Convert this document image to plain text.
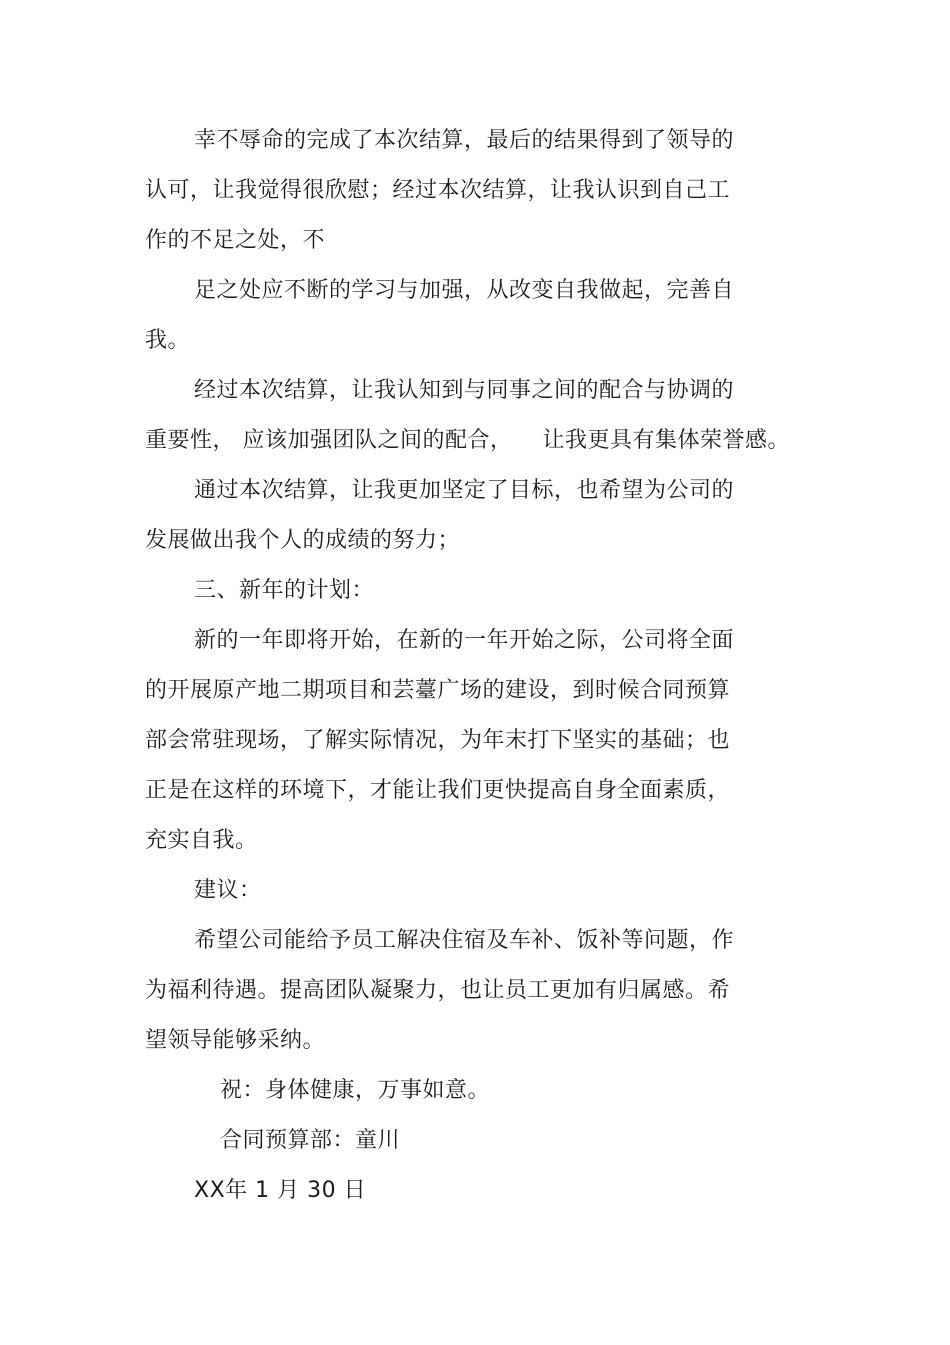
幸不辱命的完成了本次结算，最后的结果得到了领导的
认可，让我觉得很欣慰；经过本次结算，让我认识到自己工
作的不足之处，不
足之处应不断的学习与加强，从改变自我做起，完善自
我。
经过本次结算，让我认知到与同事之间的配合与协调的
重要性， 应该加强团队之间的配合，    让我更具有集体荣誉感。
通过本次结算，让我更加坚定了目标，也希望为公司的
发展做出我个人的成绩的努力；
三、新年的计划：
新的一年即将开始，在新的一年开始之际，公司将全面
的开展原产地二期项目和芸薹广场的建设，到时候合同预算
部会常驻现场，了解实际情况，为年末打下坚实的基础；也
正是在这样的环境下，才能让我们更快提高自身全面素质，
充实自我。
建议：
希望公司能给予员工解决住宿及车补、饭补等问题，作
为福利待遇。提高团队凝聚力，也让员工更加有归属感。希
望领导能够采纳。
祝：身体健康，万事如意。
合同预算部：童川
XX年 1 月 30 日
